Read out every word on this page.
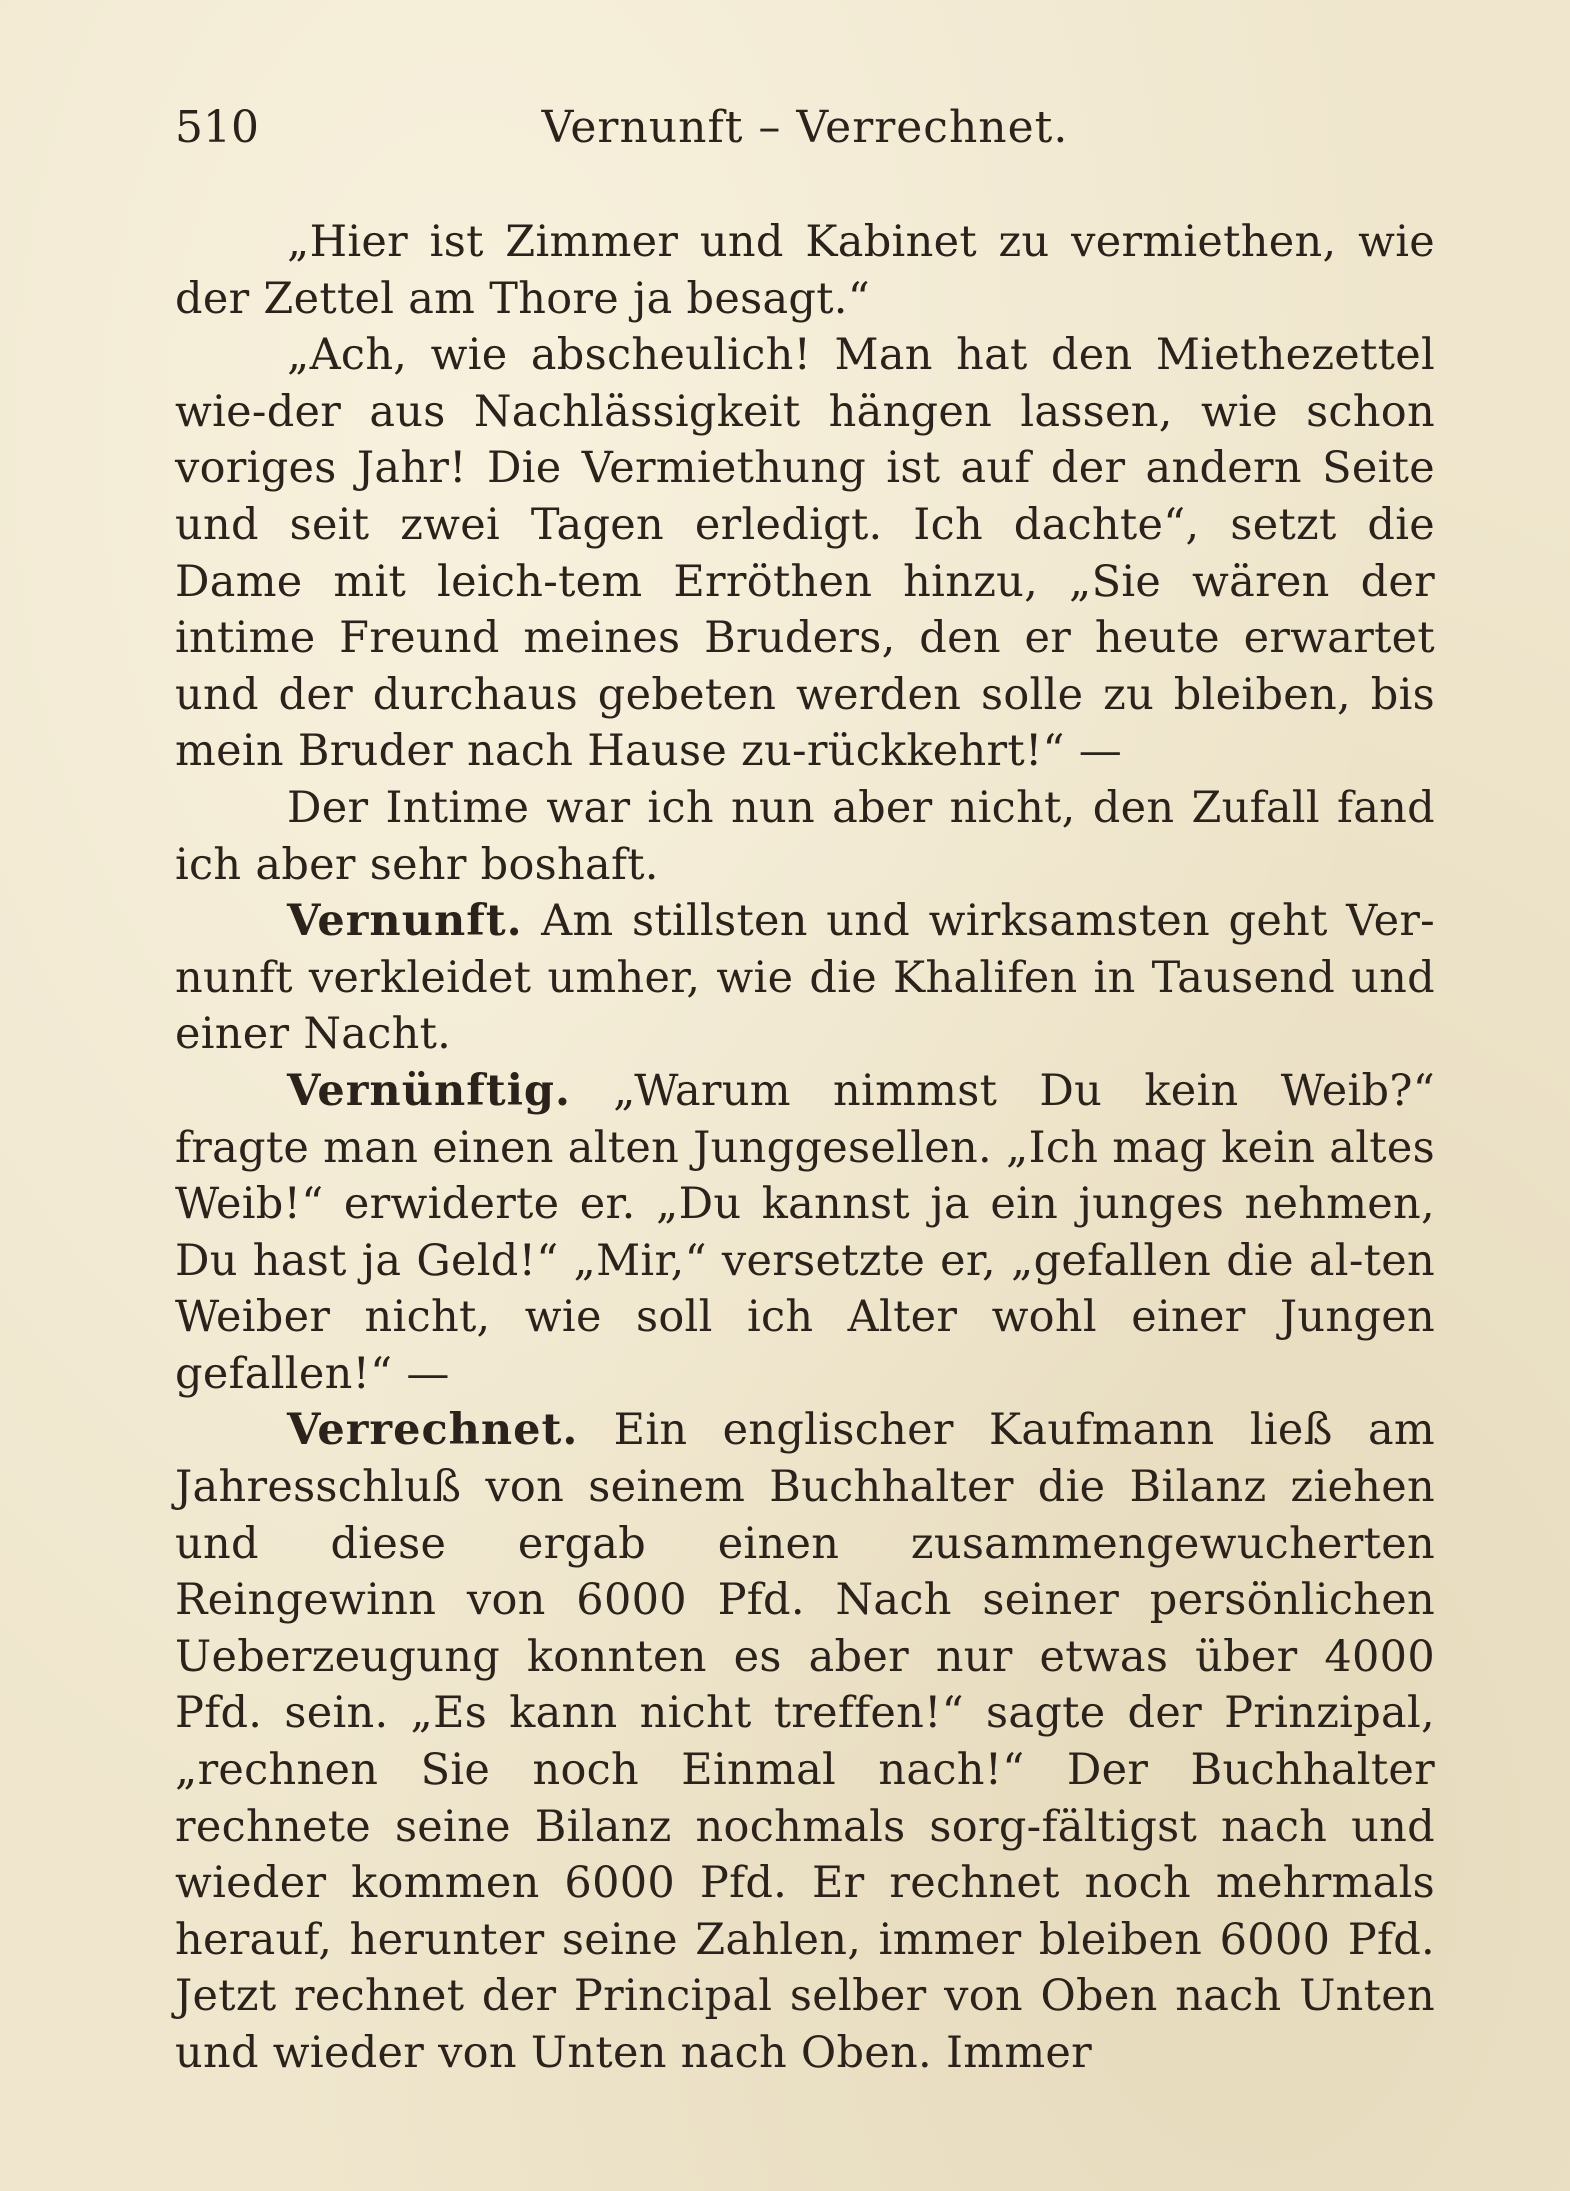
510	Vernunft – Verrechnet.

„Hier ist Zimmer und Kabinet zu vermiethen, wie der Zettel am Thore ja besagt.“

„Ach, wie abscheulich! Man hat den Miethezettel wie-der aus Nachlässigkeit hängen lassen, wie schon voriges Jahr! Die Vermiethung ist auf der andern Seite und seit zwei Tagen erledigt. Ich dachte“, setzt die Dame mit leich-tem Erröthen hinzu, „Sie wären der intime Freund meines Bruders, den er heute erwartet und der durchaus gebeten werden solle zu bleiben, bis mein Bruder nach Hause zu-rückkehrt!“ —

Der Intime war ich nun aber nicht, den Zufall fand ich aber sehr boshaft.

Vernunft. Am stillsten und wirksamsten geht Ver-nunft verkleidet umher, wie die Khalifen in Tausend und einer Nacht.

Vernünftig. „Warum nimmst Du kein Weib?“ fragte man einen alten Junggesellen. „Ich mag kein altes Weib!“ erwiderte er. „Du kannst ja ein junges nehmen, Du hast ja Geld!“ „Mir,“ versetzte er, „gefallen die al-ten Weiber nicht, wie soll ich Alter wohl einer Jungen gefallen!“ —

Verrechnet. Ein englischer Kaufmann ließ am Jahresschluß von seinem Buchhalter die Bilanz ziehen und diese ergab einen zusammengewucherten Reingewinn von 6000 Pfd. Nach seiner persönlichen Ueberzeugung konnten es aber nur etwas über 4000 Pfd. sein. „Es kann nicht treffen!“ sagte der Prinzipal, „rechnen Sie noch Einmal nach!“ Der Buchhalter rechnete seine Bilanz nochmals sorg-fältigst nach und wieder kommen 6000 Pfd. Er rechnet noch mehrmals herauf, herunter seine Zahlen, immer bleiben 6000 Pfd. Jetzt rechnet der Principal selber von Oben nach Unten und wieder von Unten nach Oben. Immer
